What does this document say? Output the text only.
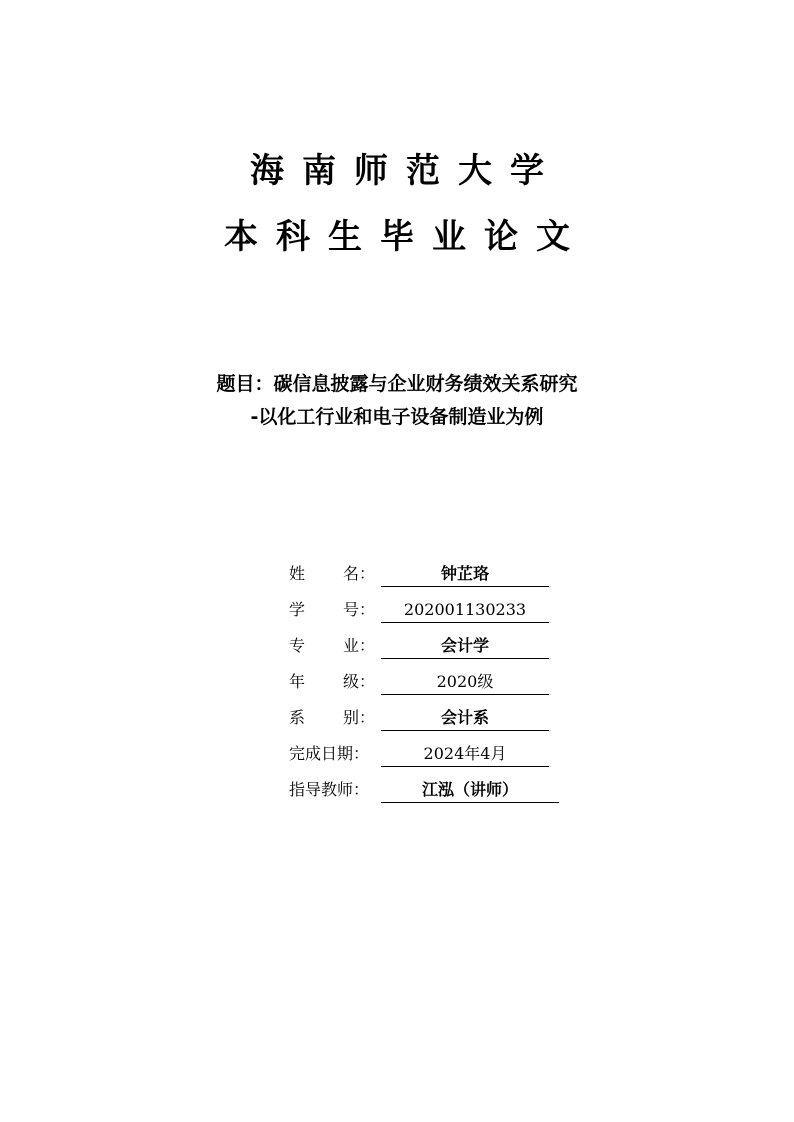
海南师范大学
本科生毕业论文
题目：碳信息披露与企业财务绩效关系研究
-以化工行业和电子设备制造业为例
姓名：	钟芷珞
学号：	202001130233
专业：	会计学
年级：	2020级
系别：	会计系
完成日期：	2024年4月
指导教师：	江泓（讲师）
